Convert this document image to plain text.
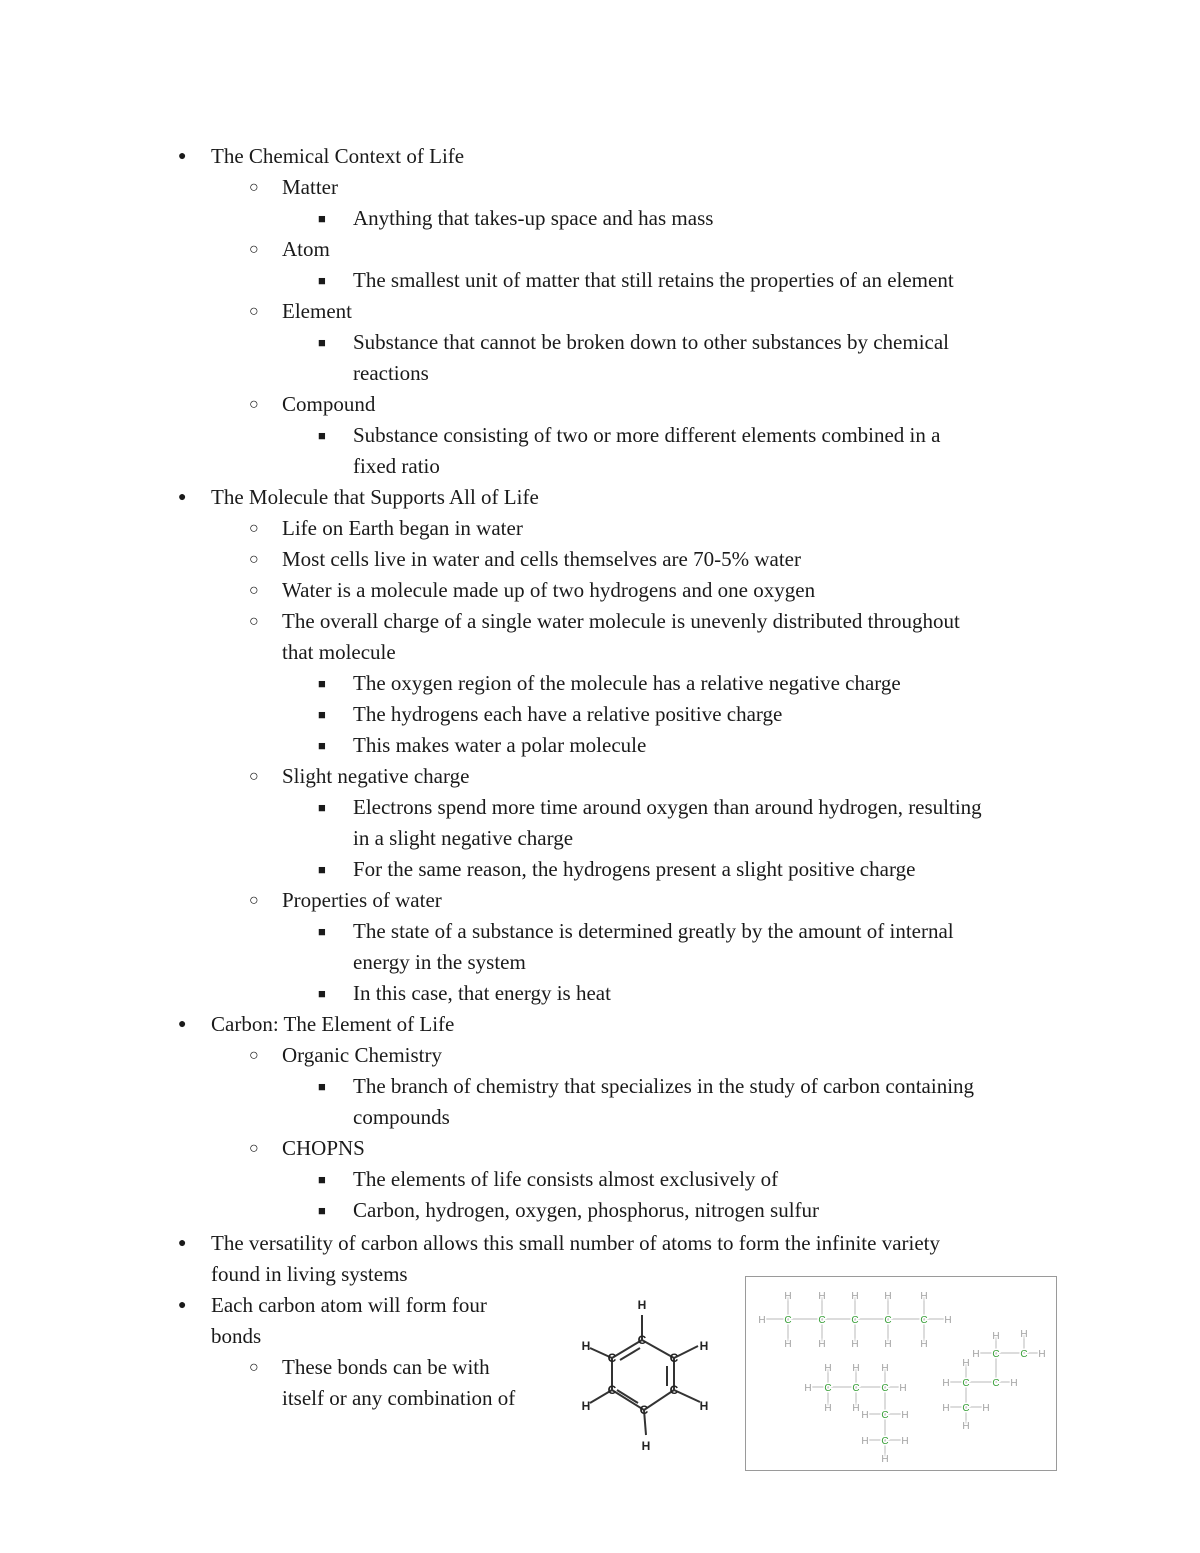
● The Chemical Context of Life
○ Matter
■ Anything that takes-up space and has mass
○ Atom
■ The smallest unit of matter that still retains the properties of an element
○ Element
■ Substance that cannot be broken down to other substances by chemical
reactions
○ Compound
■ Substance consisting of two or more different elements combined in a
fixed ratio
● The Molecule that Supports All of Life
○ Life on Earth began in water
○ Most cells live in water and cells themselves are 70-5% water
○ Water is a molecule made up of two hydrogens and one oxygen
○ The overall charge of a single water molecule is unevenly distributed throughout
that molecule
■ The oxygen region of the molecule has a relative negative charge
■ The hydrogens each have a relative positive charge
■ This makes water a polar molecule
○ Slight negative charge
■ Electrons spend more time around oxygen than around hydrogen, resulting
in a slight negative charge
■ For the same reason, the hydrogens present a slight positive charge
○ Properties of water
■ The state of a substance is determined greatly by the amount of internal
energy in the system
■ In this case, that energy is heat
● Carbon: The Element of Life
○ Organic Chemistry
■ The branch of chemistry that specializes in the study of carbon containing
compounds
○ CHOPNS
■ The elements of life consists almost exclusively of
■ Carbon, hydrogen, oxygen, phosphorus, nitrogen sulfur
● The versatility of carbon allows this small number of atoms to form the infinite variety
found in living systems
● Each carbon atom will form four
bonds
○ These bonds can be with
itself or any combination of
C
C
C
C
C
C
H
H
H
H
H
H
H
H
H
H
H
H
H
H
H
H
H	H
C	C	C	C	C
H
H
H
H
H
H
H
H	H
H	H
H
C C C
C
C
H
H
H
H
H H
H
H	H
H
C C
C C
C
